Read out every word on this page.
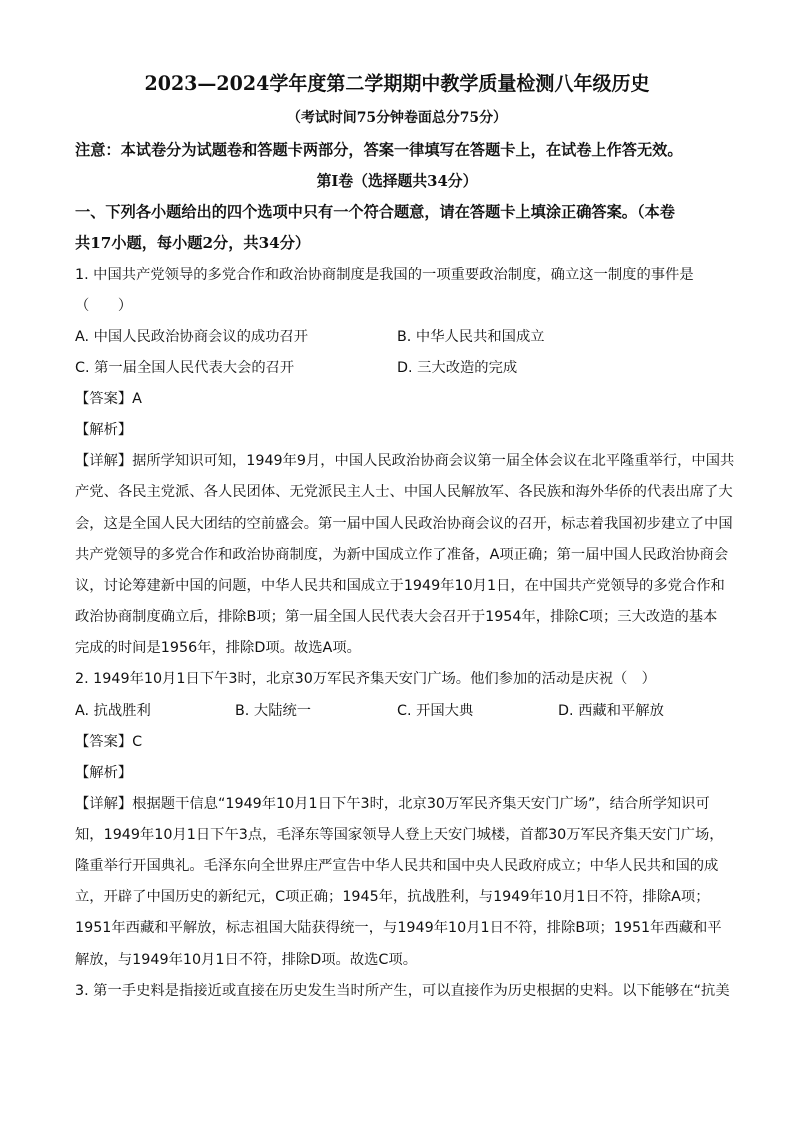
2023—2024学年度第二学期期中教学质量检测八年级历史
（考试时间75分钟卷面总分75分）
注意：本试卷分为试题卷和答题卡两部分，答案一律填写在答题卡上，在试卷上作答无效。
第Ⅰ卷（选择题共34分）
一、下列各小题给出的四个选项中只有一个符合题意，请在答题卡上填涂正确答案。（本卷
共17小题，每小题2分，共34分）
1. 中国共产党领导的多党合作和政治协商制度是我国的一项重要政治制度，确立这一制度的事件是
（　　）
A. 中国人民政治协商会议的成功召开	B. 中华人民共和国成立
C. 第一届全国人民代表大会的召开	D. 三大改造的完成
【答案】A
【解析】
【详解】据所学知识可知，1949年9月，中国人民政治协商会议第一届全体会议在北平隆重举行，中国共
产党、各民主党派、各人民团体、无党派民主人士、中国人民解放军、各民族和海外华侨的代表出席了大
会，这是全国人民大团结的空前盛会。第一届中国人民政治协商会议的召开，标志着我国初步建立了中国
共产党领导的多党合作和政治协商制度，为新中国成立作了准备，A项正确；第一届中国人民政治协商会
议，讨论筹建新中国的问题，中华人民共和国成立于1949年10月1日，在中国共产党领导的多党合作和
政治协商制度确立后，排除B项；第一届全国人民代表大会召开于1954年，排除C项；三大改造的基本
完成的时间是1956年，排除D项。故选A项。
2. 1949年10月1日下午3时，北京30万军民齐集天安门广场。他们参加的活动是庆祝（　）
A. 抗战胜利	B. 大陆统一	C. 开国大典	D. 西藏和平解放
【答案】C
【解析】
【详解】根据题干信息“1949年10月1日下午3时，北京30万军民齐集天安门广场”，结合所学知识可
知，1949年10月1日下午3点，毛泽东等国家领导人登上天安门城楼，首都30万军民齐集天安门广场，
隆重举行开国典礼。毛泽东向全世界庄严宣告中华人民共和国中央人民政府成立；中华人民共和国的成
立，开辟了中国历史的新纪元，C项正确；1945年，抗战胜利，与1949年10月1日不符，排除A项；
1951年西藏和平解放，标志祖国大陆获得统一，与1949年10月1日不符，排除B项；1951年西藏和平
解放，与1949年10月1日不符，排除D项。故选C项。
3. 第一手史料是指接近或直接在历史发生当时所产生，可以直接作为历史根据的史料。以下能够在“抗美
